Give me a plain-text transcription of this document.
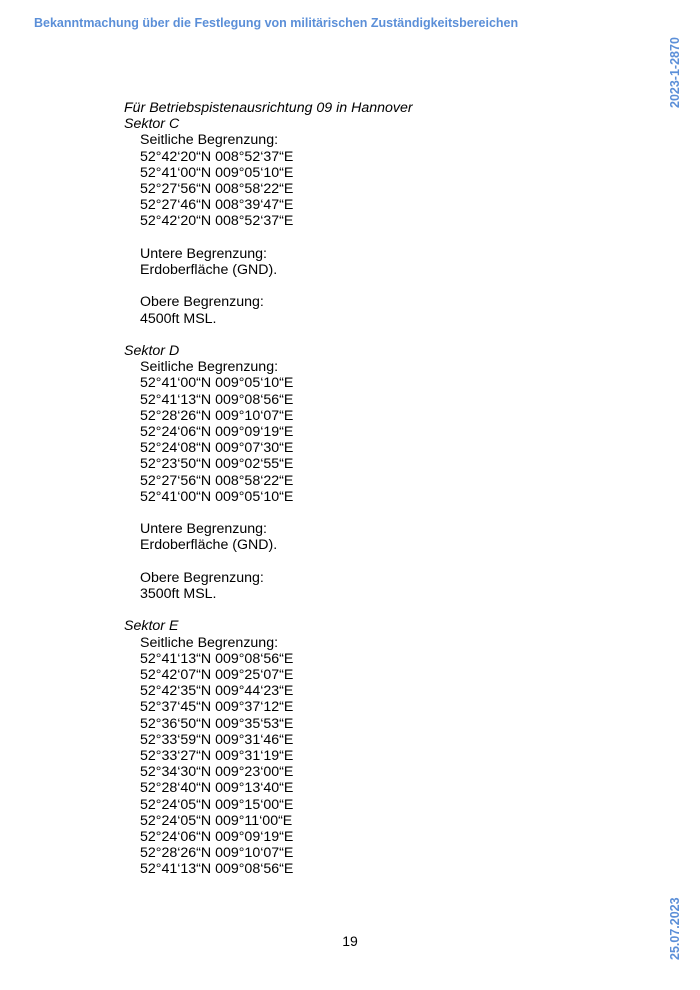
Bekanntmachung über die Festlegung von militärischen Zuständigkeitsbereichen
2023-1-2870
25.07.2023
Für Betriebspistenausrichtung 09 in Hannover
Sektor C
Seitliche Begrenzung:
52°42‘20“N 008°52‘37“E
52°41‘00“N 009°05‘10“E
52°27‘56“N 008°58‘22“E
52°27‘46“N 008°39‘47“E
52°42‘20“N 008°52‘37“E
Untere Begrenzung:
Erdoberfläche (GND).
Obere Begrenzung:
4500ft MSL.
Sektor D
Seitliche Begrenzung:
52°41‘00“N 009°05‘10“E
52°41‘13“N 009°08‘56“E
52°28‘26“N 009°10‘07“E
52°24‘06“N 009°09‘19“E
52°24‘08“N 009°07‘30“E
52°23‘50“N 009°02‘55“E
52°27‘56“N 008°58‘22“E
52°41‘00“N 009°05‘10“E
Untere Begrenzung:
Erdoberfläche (GND).
Obere Begrenzung:
3500ft MSL.
Sektor E
Seitliche Begrenzung:
52°41‘13“N 009°08‘56“E
52°42‘07“N 009°25‘07“E
52°42‘35“N 009°44‘23“E
52°37‘45“N 009°37‘12“E
52°36‘50“N 009°35‘53“E
52°33‘59“N 009°31‘46“E
52°33‘27“N 009°31‘19“E
52°34‘30“N 009°23‘00“E
52°28‘40“N 009°13‘40“E
52°24‘05“N 009°15‘00“E
52°24‘05“N 009°11‘00“E
52°24‘06“N 009°09‘19“E
52°28‘26“N 009°10‘07“E
52°41‘13“N 009°08‘56“E
19
